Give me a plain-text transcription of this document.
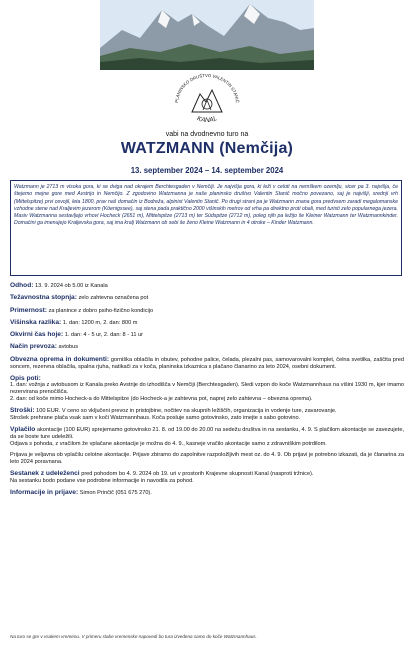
PLANINSKO DRUŠTVO VALENTIN STANIČ
KANAL
vabi na dvodnevno turo na
WATZMANN (Nemčija)
13. september 2024 – 14. september 2024
Watzmann je 2713 m visoka gora, ki se dviga nad okrajem Berchtesgaden v Nemčiji. Je najvišja gora, ki leži v celoti na nemškem ozemlju, sicer pa 3. najvišja, če štejemo mejne gore med Avstrijo in Nemčijo. Z zgodovino Watzmanna je naše planinsko društvo Valentin Stanič močno povezano, saj je najvišji, srednji vrh (Mittelspitze) prvi osvojil, leta 1800, prav naš domačin iz Bodreža, alpinist Valentin Stanič. Po drugi strani pa je Watzmann znana gora predvsem zaradi megalomanske vzhodne stene nad Kraljevim jezerom (Köenigssee), saj stena pada praktično 2000 višinskih metrov od vrha pa direktno proti obali, med turisti zelo popularnega jezera. Masiv Watzmanna sestavljajo vrhovi Hocheck (2651 m), Mittelspitze (2713 m) ter Südspitze (2712 m), poleg njih pa ležijo še Kleiner Watzmann ter Watzmannkinder. Domačini ga imenujejo Kraljevska gora, saj ima kralj Watzmann ob sebi še ženo Kleine Watzmann in 4 otroke – Kinder Watzmann.
Odhod: 13. 9. 2024 ob 5.00 iz Kanala
Težavnostna stopnja: zelo zahtevna označena pot
Primernost: za planince z dobro psiho-fizično kondicijo
Višinska razlika: 1. dan: 1200 m, 2. dan: 800 m
Okvirni čas hoje: 1. dan: 4 - 5 ur, 2. dan: 8 - 11 ur
Način prevoza: avtobus
Obvezna oprema in dokumenti: gorniška oblačila in obutev, pohodne palice, čelada, plezalni pas, samovarovalni komplet, čelna svetilka, zaščita pred soncem, rezervna oblačila, spalna rjuha, natikači za v koča, planinska izkaznica s plačano članarino za leto 2024, osebni dokument.
Opis poti:
1. dan: vožnja z avtobusom iz Kanala preko Avstrije do izhodišča v Nemčiji (Berchtesgaden). Sledi vzpon do koče Watzmannhaus na višini 1930 m, kjer imamo rezervirana prenočišča.
2. dan: od koče mimo Hocheck-a do Mittelspitze (do Hocheck-a je zahtevna pot, naprej zelo zahtevna – obvezna oprema).
Stroški: 100 EUR. V ceno so vključeni prevoz in pristojbine, nočitev na skupnih ležiščih, organizacija in vodenje ture, zavarovanje.
Strošek prehrane plača vsak sam v koči Watzmannhaus. Koča posluje samo gotovinsko, zato imejte s sabo gotovino.
Vplačilo akontacije (100 EUR) sprejemamo gotovinsko 21. 8. od 19.00 do 20.00 na sedežu društva in na sestanku, 4. 9. S plačilom akontacije se zavezujete, da se boste ture udeležili.
Odjava s pohoda, z vračilom že vplačane akontacije je možna do 4. 9., kasneje vračilo akontacije samo z zdravniškim potrdilom.
Prijava je veljavna ob vplačilu celotne akontacije. Prijave zbiramo do zapolnitve razpoložljivih mest oz. do 4. 9. Ob prijavi je potrebno izkazati, da je članarina za leto 2024 poravnana.
Sestanek z udeleženci pred pohodom bo 4. 9. 2024 ob 19. uri v prostorih Krajevne skupnosti Kanal (nasproti tržnice).
Na sestanku bodo podane vse podrobne informacije in navodila za pohod.
Informacije in prijave: Simon Prinčič (051 675 270).
Na turo se gre v vsakem vremenu. V primeru slabe vremenske napovedi bo tura izvedena samo do koče Watzmannhaus.
